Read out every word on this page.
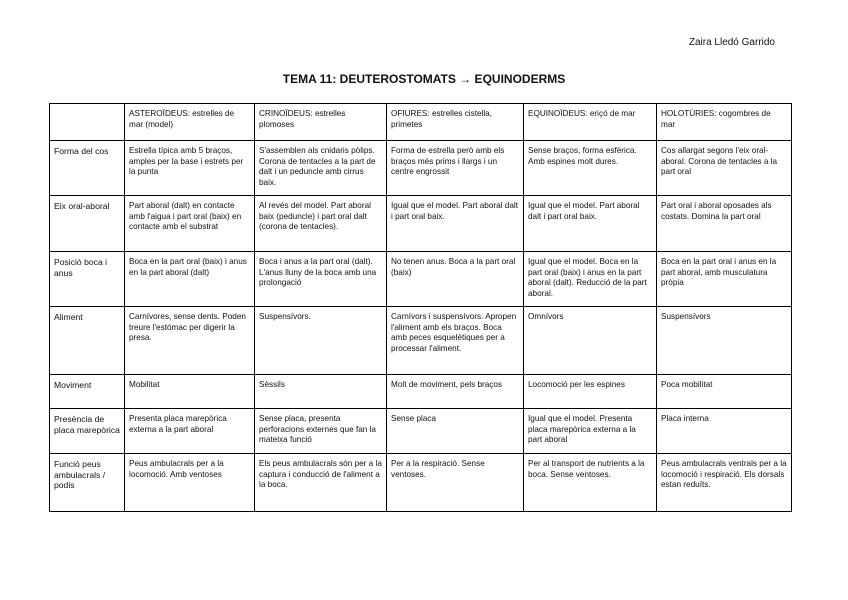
Zaira Lledó Garrido
TEMA 11: DEUTEROSTOMATS → EQUINODERMS
	ASTEROÏDEUS: estrelles de mar (model)	CRINOÏDEUS: estrelles plomoses	OFIURES: estrelles cistella, primetes	EQUINOÏDEUS: eriçó de mar	HOLOTÚRIES: cogombres de mar
Forma del cos	Estrella típica amb 5 braços, amples per la base i estrets per la punta	S'assemblen als cnidaris pòlips. Corona de tentacles a la part de dalt i un peduncle amb cirrus baix.	Forma de estrella però amb els braços més prims i llargs i un centre engrossit	Sense braços, forma esfèrica. Amb espines molt dures.	Cos allargat segons l'eix oral-aboral. Corona de tentacles a la part oral
Eix oral-aboral	Part aboral (dalt) en contacte amb l'aigua i part oral (baix) en contacte amb el substrat	Al revés del model. Part aboral baix (peduncle) i part oral dalt (corona de tentacles).	Igual que el model. Part aboral dalt i part oral baix.	Igual que el model. Part aboral dalt i part oral baix.	Part oral i aboral oposades als costats. Domina la part oral
Posició boca i anus	Boca en la part oral (baix) i anus en la part aboral (dalt)	Boca i anus a la part oral (dalt). L'anus lluny de la boca amb una prolongació	No tenen anus. Boca a la part oral (baix)	Igual que el model. Boca en la part oral (baix) i anus en la part aboral (dalt). Reducció de la part aboral.	Boca en la part oral i anus en la part aboral, amb musculatura pròpia
Aliment	Carnívores, sense dents. Poden treure l'estómac per digerir la presa.	Suspensívors.	Carnívors i suspensívors. Apropen l'aliment amb els braços. Boca amb peces esquelètiques per a processar l'aliment.	Omnívors	Suspensívors
Moviment	Mobilitat	Sèssils	Molt de moviment, pels braços	Locomoció per les espines	Poca mobilitat
Presència de placa marepòrica	Presenta placa marepòrica externa a la part aboral	Sense placa, presenta perforacions externes que fan la mateixa funció	Sense placa	Igual que el model. Presenta placa marepòrica externa a la part aboral	Placa interna
Funció peus ambulacrals / podis	Peus ambulacrals per a la locomoció. Amb ventoses	Els peus ambulacrals són per a la captura i conducció de l'aliment a la boca.	Per a la respiració. Sense ventoses.	Per al transport de nutrients a la boca. Sense ventoses.	Peus ambulacrals ventrals per a la locomoció i respiració. Els dorsals estan reduïts.
